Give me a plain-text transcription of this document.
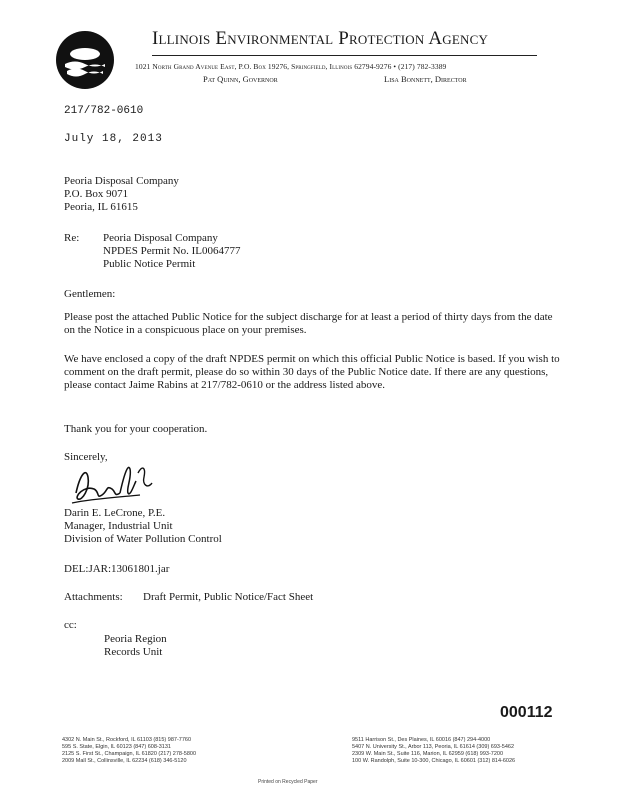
Illinois Environmental Protection Agency
1021 North Grand Avenue East, P.O. Box 19276, Springfield, Illinois 62794-9276 • (217) 782-3389
Pat Quinn, Governor	Lisa Bonnett, Director
217/782-0610
July 18, 2013
Peoria Disposal Company
P.O. Box 9071
Peoria, IL 61615
Re: Peoria Disposal Company
NPDES Permit No. IL0064777
Public Notice Permit
Gentlemen:
Please post the attached Public Notice for the subject discharge for at least a period of thirty days from the date on the Notice in a conspicuous place on your premises.
We have enclosed a copy of the draft NPDES permit on which this official Public Notice is based. If you wish to comment on the draft permit, please do so within 30 days of the Public Notice date. If there are any questions, please contact Jaime Rabins at 217/782-0610 or the address listed above.
Thank you for your cooperation.
Sincerely,
Darin E. LeCrone, P.E.
Manager, Industrial Unit
Division of Water Pollution Control
DEL:JAR:13061801.jar
Attachments: Draft Permit, Public Notice/Fact Sheet
cc:
Peoria Region
Records Unit
000112
4302 N. Main St., Rockford, IL 61103 (815) 987-7760
595 S. State, Elgin, IL 60123 (847) 608-3131
2125 S. First St., Champaign, IL 61820 (217) 278-5800
2009 Mall St., Collinsville, IL 62234 (618) 346-5120
9511 Harrison St., Des Plaines, IL 60016 (847) 294-4000
5407 N. University St., Arbor 113, Peoria, IL 61614 (309) 693-5462
2309 W. Main St., Suite 116, Marion, IL 62959 (618) 993-7200
100 W. Randolph, Suite 10-300, Chicago, IL 60601 (312) 814-6026
Printed on Recycled Paper
